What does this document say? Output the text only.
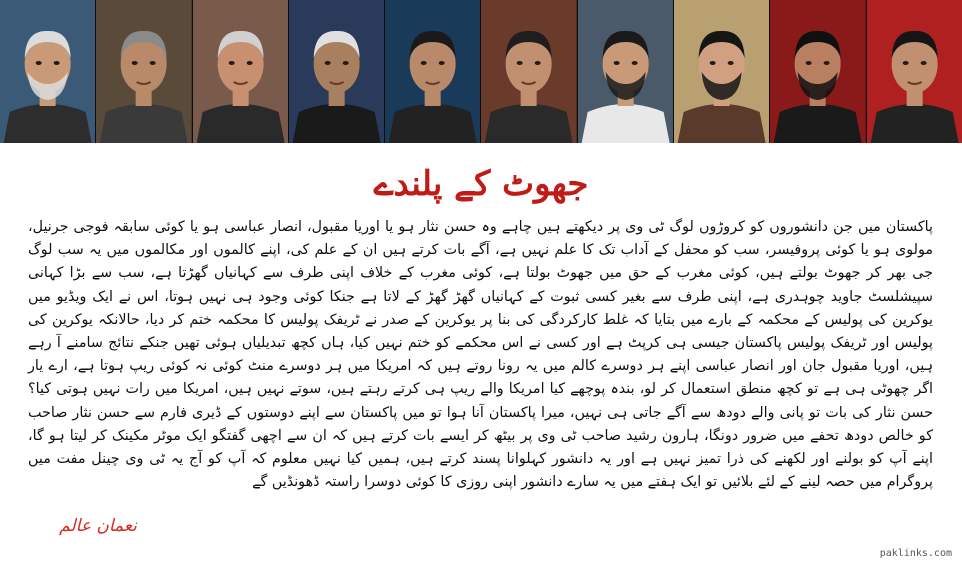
جھوٹ کے پلندے

پاکستان میں جن دانشوروں کو کروڑوں لوگ ٹی وی پر دیکھتے ہیں چاہے وہ حسن نثار ہو یا اوریا مقبول، انصار عباسی ہو یا کوئی سابقہ فوجی جرنیل، مولوی ہو یا کوئی پروفیسر، سب کو محفل کے آداب تک کا علم نہیں ہے، آگے بات کرتے ہیں ان کے علم کی، اپنے کالموں اور مکالموں میں یہ سب لوگ جی بھر کر جھوٹ بولتے ہیں، کوئی مغرب کے حق میں جھوٹ بولتا ہے، کوئی مغرب کے خلاف اپنی طرف سے کہانیاں گھڑتا ہے، سب سے بڑا کہانی سپیشلسٹ جاوید چوہدری ہے، اپنی طرف سے بغیر کسی ثبوت کے کہانیاں گھڑ گھڑ کے لاتا ہے جنکا کوئی وجود ہی نہیں ہوتا، اس نے ایک ویڈیو میں یوکرین کی پولیس کے محکمہ کے بارے میں بتایا کہ غلط کارکردگی کی بنا پر یوکرین کے صدر نے ٹریفک پولیس کا محکمہ ختم کر دیا، حالانکہ یوکرین کی پولیس اور ٹریفک پولیس پاکستان جیسی ہی کرپٹ ہے اور کسی نے اس محکمے کو ختم نہیں کیا، ہاں کچھ تبدیلیاں ہوئی تھیں جنکے نتائج سامنے آ رہے ہیں، اوریا مقبول جان اور انصار عباسی اپنے ہر دوسرے کالم میں یہ رونا روتے ہیں کہ امریکا میں ہر دوسرے منٹ کوئی نہ کوئی ریپ ہوتا ہے، ارے یار اگر چھوٹی ہی ہے تو کچھ منطق استعمال کر لو، بندہ پوچھے کیا امریکا والے ریپ ہی کرتے رہتے ہیں، سوتے نہیں ہیں، امریکا میں رات نہیں ہوتی کیا؟ حسن نثار کی بات تو پانی والے دودھ سے آگے جاتی ہی نہیں، میرا پاکستان آنا ہوا تو میں پاکستان سے اپنے دوستوں کے ڈیری فارم سے حسن نثار صاحب کو خالص دودھ تحفے میں ضرور دونگا، ہارون رشید صاحب ٹی وی پر بیٹھ کر ایسے بات کرتے ہیں کہ ان سے اچھی گفتگو ایک موٹر مکینک کر لیتا ہو گا، اپنے آپ کو بولنے اور لکھنے کی ذرا تمیز نہیں ہے اور یہ دانشور کہلوانا پسند کرتے ہیں، ہمیں کیا نہیں معلوم کہ آپ کو آج یہ ٹی وی چینل مفت میں پروگرام میں حصہ لینے کے لئے بلائیں تو ایک ہفتے میں یہ سارے دانشور اپنی روزی کا کوئی دوسرا راستہ ڈھونڈیں گے

نعمان عالم
paklinks.com
